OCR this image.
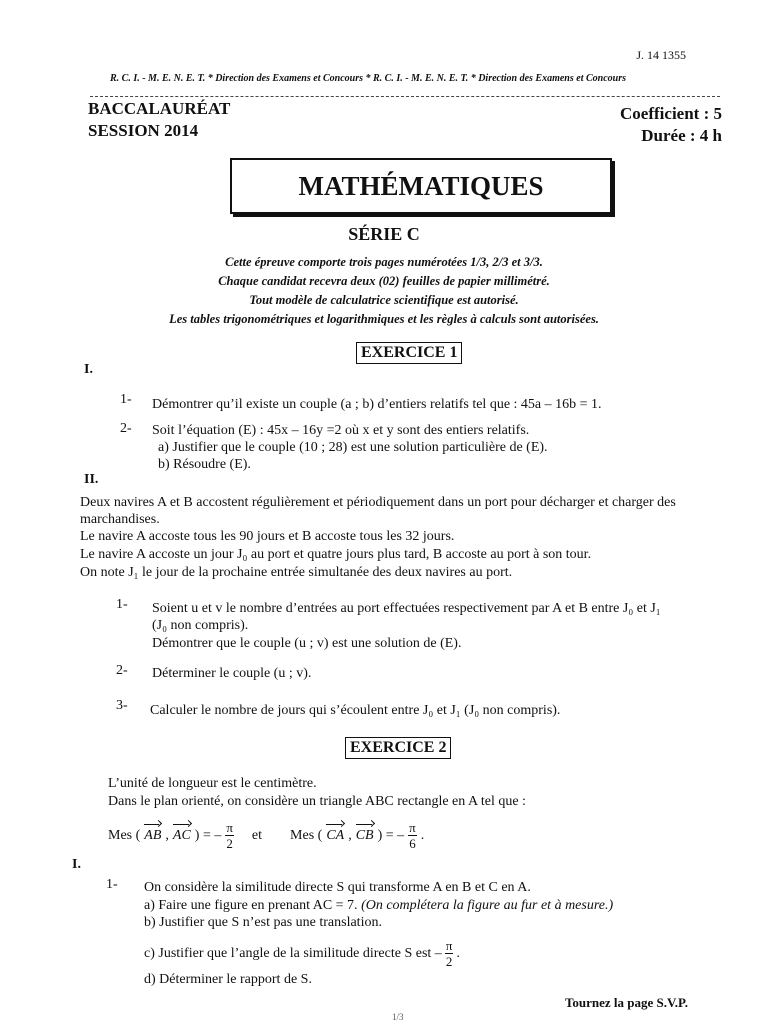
J. 14 1355
R. C. I. - M. E. N. E. T. * Direction des Examens et Concours * R. C. I. - M. E. N. E. T. * Direction des Examens et Concours
BACCALAURÉAT
SESSION 2014
Coefficient : 5
Durée : 4 h
MATHÉMATIQUES
SÉRIE C
Cette épreuve comporte trois pages numérotées 1/3, 2/3 et 3/3.
Chaque candidat recevra deux (02) feuilles de papier millimétré.
Tout modèle de calculatrice scientifique est autorisé.
Les tables trigonométriques et logarithmiques et les règles à calculs sont autorisées.
EXERCICE 1
I.
1- Démontrer qu’il existe un couple (a ; b) d’entiers relatifs tel que : 45a – 16b = 1.
2- Soit l’équation (E) : 45x – 16y =2 où x et y sont des entiers relatifs.
a) Justifier que le couple (10 ; 28) est une solution particulière de (E).
b) Résoudre (E).
II.
Deux navires A et B accostent régulièrement et périodiquement dans un port pour décharger et charger des marchandises.
Le navire A accoste tous les 90 jours et B accoste tous les 32 jours.
Le navire A accoste un jour J₀ au port et quatre jours plus tard, B accoste au port à son tour.
On note J₁ le jour de la prochaine entrée simultanée des deux navires au port.
1- Soient u et v le nombre d’entrées au port effectuées respectivement par A et B entre J₀ et J₁
(J₀ non compris).
Démontrer que le couple (u ; v) est une solution de (E).
2- Déterminer le couple (u ; v).
3- Calculer le nombre de jours qui s’écoulent entre J₀ et J₁ (J₀ non compris).
EXERCICE 2
L’unité de longueur est le centimètre.
Dans le plan orienté, on considère un triangle ABC rectangle en A tel que :
Mes ( AB , AC ) = – $\frac{\pi}{2}$ et Mes ( CA , CB ) = – $\frac{\pi}{6}$ .
I.
1- On considère la similitude directe S qui transforme A en B et C en A.
a) Faire une figure en prenant AC = 7. (On complétera la figure au fur et à mesure.)
b) Justifier que S n’est pas une translation.
c) Justifier que l’angle de la similitude directe S est – $\frac{\pi}{2}$ .
d) Déterminer le rapport de S.
Tournez la page S.V.P.
1/3
